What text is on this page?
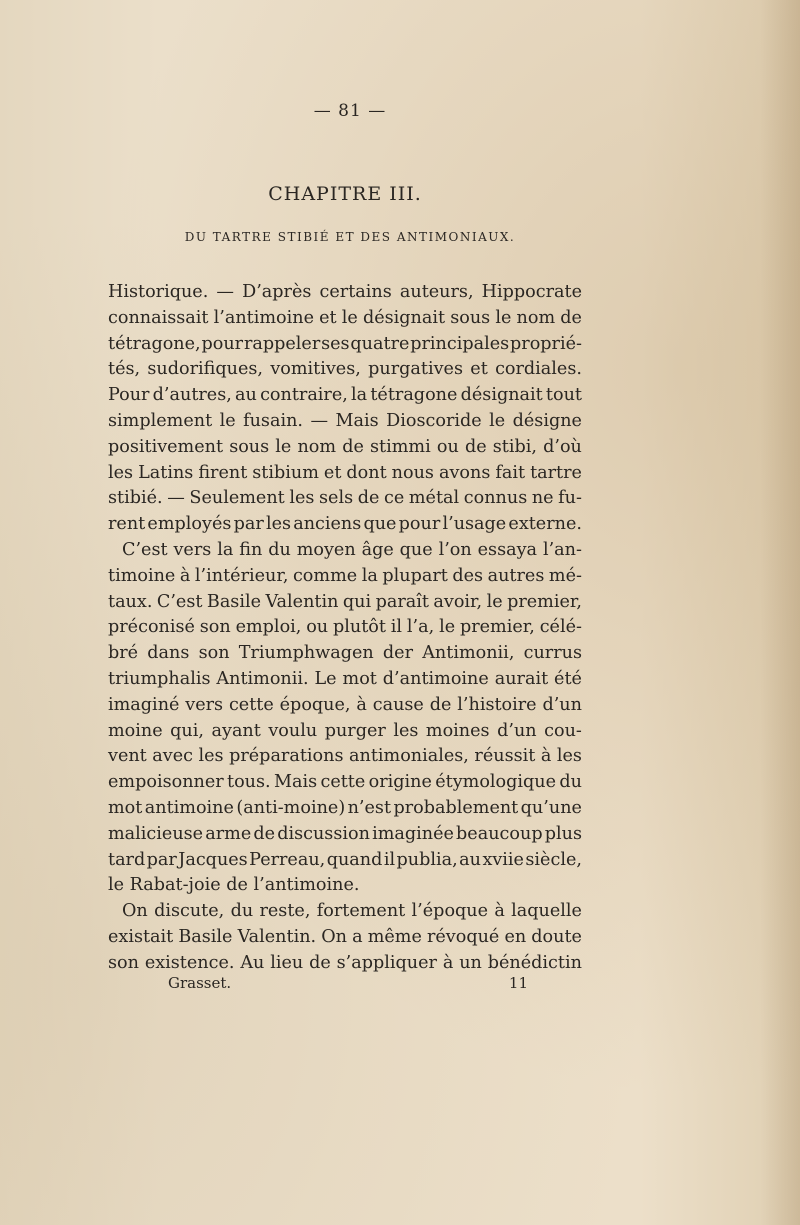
— 81 —
CHAPITRE III.
DU TARTRE STIBIÉ ET DES ANTIMONIAUX.
Historique. — D’après certains auteurs, Hippocrate
connaissait l’antimoine et le désignait sous le nom de
tétragone, pour rappeler ses quatre principales proprié-
tés, sudorifiques, vomitives, purgatives et cordiales.
Pour d’autres, au contraire, la tétragone désignait tout
simplement le fusain. — Mais Dioscoride le désigne
positivement sous le nom de stimmi ou de stibi, d’où
les Latins firent stibium et dont nous avons fait tartre
stibié. — Seulement les sels de ce métal connus ne fu-
rent employés par les anciens que pour l’usage externe.
C’est vers la fin du moyen âge que l’on essaya l’an-
timoine à l’intérieur, comme la plupart des autres mé-
taux. C’est Basile Valentin qui paraît avoir, le premier,
préconisé son emploi, ou plutôt il l’a, le premier, célé-
bré dans son Triumphwagen der Antimonii, currus
triumphalis Antimonii. Le mot d’antimoine aurait été
imaginé vers cette époque, à cause de l’histoire d’un
moine qui, ayant voulu purger les moines d’un cou-
vent avec les préparations antimoniales, réussit à les
empoisonner tous. Mais cette origine étymologique du
mot antimoine (anti-moine) n’est probablement qu’une
malicieuse arme de discussion imaginée beaucoup plus
tard par Jacques Perreau, quand il publia, au xviie siècle,
le Rabat-joie de l’antimoine.
On discute, du reste, fortement l’époque à laquelle
existait Basile Valentin. On a même révoqué en doute
son existence. Au lieu de s’appliquer à un bénédictin
Grasset.	11
